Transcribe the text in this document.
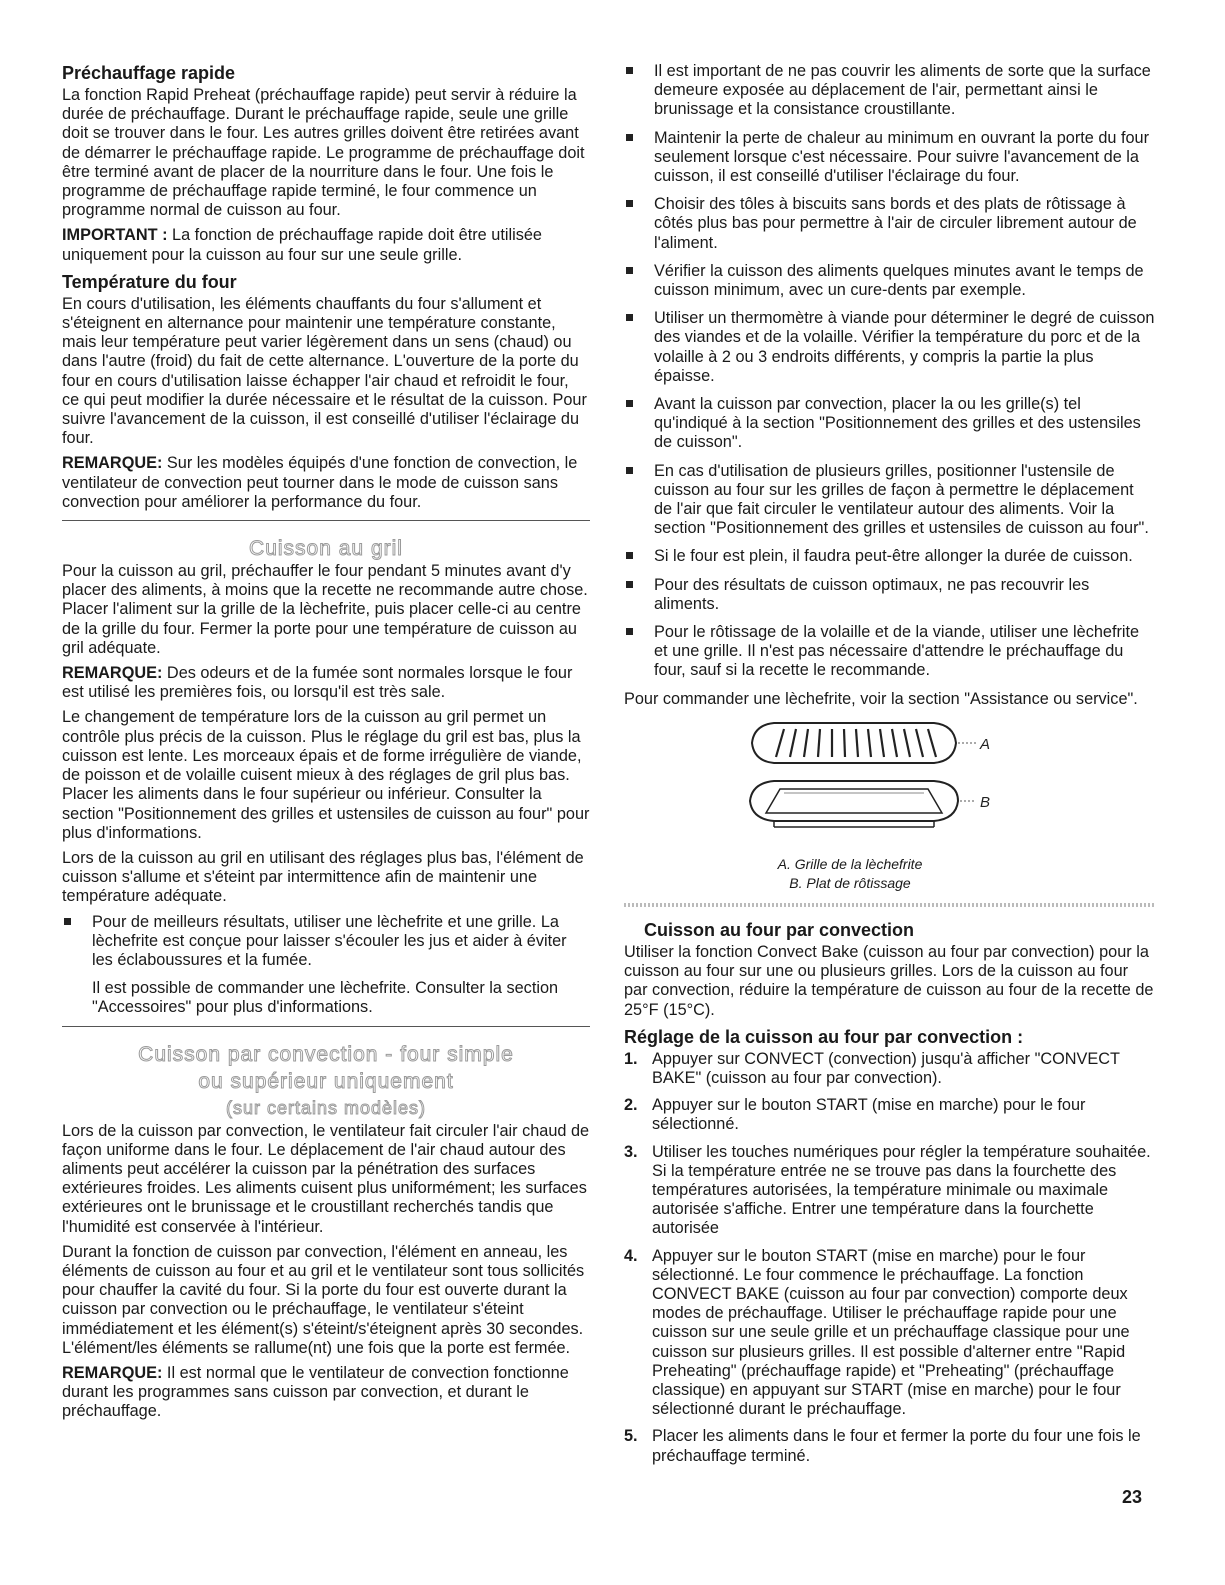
Préchauffage rapide

La fonction Rapid Preheat (préchauffage rapide) peut servir à réduire la durée de préchauffage. Durant le préchauffage rapide, seule une grille doit se trouver dans le four. Les autres grilles doivent être retirées avant de démarrer le préchauffage rapide. Le programme de préchauffage doit être terminé avant de placer de la nourriture dans le four. Une fois le programme de préchauffage rapide terminé, le four commence un programme normal de cuisson au four.

IMPORTANT : La fonction de préchauffage rapide doit être utilisée uniquement pour la cuisson au four sur une seule grille.

Température du four

En cours d'utilisation, les éléments chauffants du four s'allument et s'éteignent en alternance pour maintenir une température constante, mais leur température peut varier légèrement dans un sens (chaud) ou dans l'autre (froid) du fait de cette alternance. L'ouverture de la porte du four en cours d'utilisation laisse échapper l'air chaud et refroidit le four, ce qui peut modifier la durée nécessaire et le résultat de la cuisson. Pour suivre l'avancement de la cuisson, il est conseillé d'utiliser l'éclairage du four.

REMARQUE: Sur les modèles équipés d'une fonction de convection, le ventilateur de convection peut tourner dans le mode de cuisson sans convection pour améliorer la performance du four.

Cuisson au gril

Pour la cuisson au gril, préchauffer le four pendant 5 minutes avant d'y placer des aliments, à moins que la recette ne recommande autre chose. Placer l'aliment sur la grille de la lèchefrite, puis placer celle-ci au centre de la grille du four. Fermer la porte pour une température de cuisson au gril adéquate.

REMARQUE: Des odeurs et de la fumée sont normales lorsque le four est utilisé les premières fois, ou lorsqu'il est très sale.

Le changement de température lors de la cuisson au gril permet un contrôle plus précis de la cuisson. Plus le réglage du gril est bas, plus la cuisson est lente. Les morceaux épais et de forme irrégulière de viande, de poisson et de volaille cuisent mieux à des réglages de gril plus bas. Placer les aliments dans le four supérieur ou inférieur. Consulter la section "Positionnement des grilles et ustensiles de cuisson au four" pour plus d'informations.

Lors de la cuisson au gril en utilisant des réglages plus bas, l'élément de cuisson s'allume et s'éteint par intermittence afin de maintenir une température adéquate.

Pour de meilleurs résultats, utiliser une lèchefrite et une grille. La lèchefrite est conçue pour laisser s'écouler les jus et aider à éviter les éclaboussures et la fumée.

Il est possible de commander une lèchefrite. Consulter la section "Accessoires" pour plus d'informations.

Cuisson par convection - four simple
ou supérieur uniquement
(sur certains modèles)

Lors de la cuisson par convection, le ventilateur fait circuler l'air chaud de façon uniforme dans le four. Le déplacement de l'air chaud autour des aliments peut accélérer la cuisson par la pénétration des surfaces extérieures froides. Les aliments cuisent plus uniformément; les surfaces extérieures ont le brunissage et le croustillant recherchés tandis que l'humidité est conservée à l'intérieur.

Durant la fonction de cuisson par convection, l'élément en anneau, les éléments de cuisson au four et au gril et le ventilateur sont tous sollicités pour chauffer la cavité du four. Si la porte du four est ouverte durant la cuisson par convection ou le préchauffage, le ventilateur s'éteint immédiatement et les élément(s) s'éteint/s'éteignent après 30 secondes. L'élément/les éléments se rallume(nt) une fois que la porte est fermée.

REMARQUE: Il est normal que le ventilateur de convection fonctionne durant les programmes sans cuisson par convection, et durant le préchauffage.

Il est important de ne pas couvrir les aliments de sorte que la surface demeure exposée au déplacement de l'air, permettant ainsi le brunissage et la consistance croustillante.
Maintenir la perte de chaleur au minimum en ouvrant la porte du four seulement lorsque c'est nécessaire. Pour suivre l'avancement de la cuisson, il est conseillé d'utiliser l'éclairage du four.
Choisir des tôles à biscuits sans bords et des plats de rôtissage à côtés plus bas pour permettre à l'air de circuler librement autour de l'aliment.
Vérifier la cuisson des aliments quelques minutes avant le temps de cuisson minimum, avec un cure-dents par exemple.
Utiliser un thermomètre à viande pour déterminer le degré de cuisson des viandes et de la volaille. Vérifier la température du porc et de la volaille à 2 ou 3 endroits différents, y compris la partie la plus épaisse.
Avant la cuisson par convection, placer la ou les grille(s) tel qu'indiqué à la section "Positionnement des grilles et des ustensiles de cuisson".
En cas d'utilisation de plusieurs grilles, positionner l'ustensile de cuisson au four sur les grilles de façon à permettre le déplacement de l'air que fait circuler le ventilateur autour des aliments. Voir la section "Positionnement des grilles et ustensiles de cuisson au four".
Si le four est plein, il faudra peut-être allonger la durée de cuisson.
Pour des résultats de cuisson optimaux, ne pas recouvrir les aliments.
Pour le rôtissage de la volaille et de la viande, utiliser une lèchefrite et une grille. Il n'est pas nécessaire d'attendre le préchauffage du four, sauf si la recette le recommande.

Pour commander une lèchefrite, voir la section "Assistance ou service".

A
B
A. Grille de la lèchefrite
B. Plat de rôtissage
Cuisson au four par convection

Utiliser la fonction Convect Bake (cuisson au four par convection) pour la cuisson au four sur une ou plusieurs grilles. Lors de la cuisson au four par convection, réduire la température de cuisson au four de la recette de 25°F (15°C).

Réglage de la cuisson au four par convection :
1. Appuyer sur CONVECT (convection) jusqu'à afficher "CONVECT BAKE" (cuisson au four par convection).
2. Appuyer sur le bouton START (mise en marche) pour le four sélectionné.
3. Utiliser les touches numériques pour régler la température souhaitée. Si la température entrée ne se trouve pas dans la fourchette des températures autorisées, la température minimale ou maximale autorisée s'affiche. Entrer une température dans la fourchette autorisée
4. Appuyer sur le bouton START (mise en marche) pour le four sélectionné. Le four commence le préchauffage. La fonction CONVECT BAKE (cuisson au four par convection) comporte deux modes de préchauffage. Utiliser le préchauffage rapide pour une cuisson sur une seule grille et un préchauffage classique pour une cuisson sur plusieurs grilles. Il est possible d'alterner entre "Rapid Preheating" (préchauffage rapide) et "Preheating" (préchauffage classique) en appuyant sur START (mise en marche) pour le four sélectionné durant le préchauffage.
5. Placer les aliments dans le four et fermer la porte du four une fois le préchauffage terminé.
23
